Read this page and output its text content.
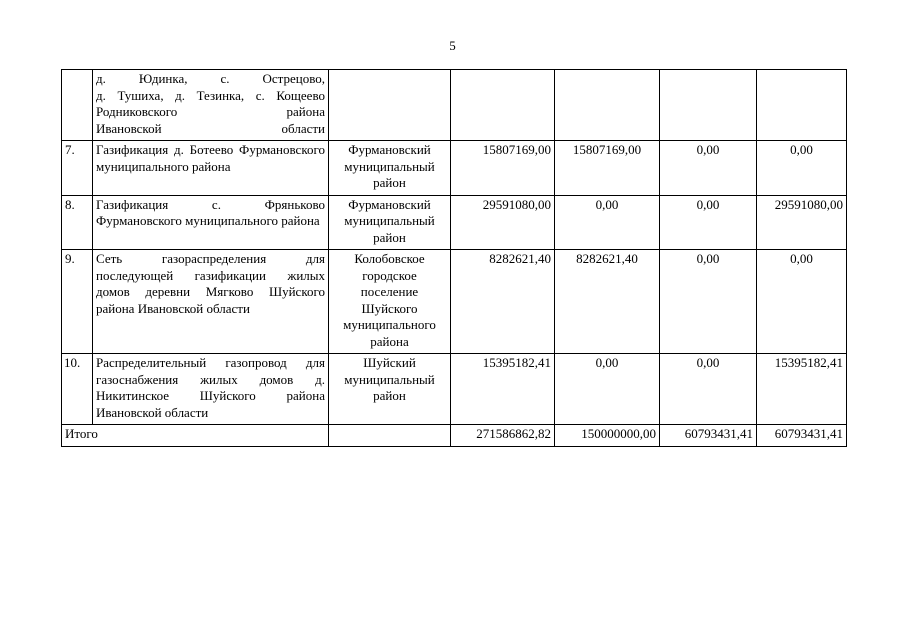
5

	д. Юдинка, с. Острецово,
д. Тушиха, д. Тезинка, с. Кощеево
Родниковского района
Ивановской области					

7.	Газификация д. Ботеево Фурмановского муниципального района	Фурмановский муниципальный район	15807169,00	15807169,00	0,00	0,00
8.	Газификация с. Фряньково Фурмановского муниципального района	Фурмановский муниципальный район	29591080,00	0,00	0,00	29591080,00
9.	Сеть газораспределения для последующей газификации жилых домов деревни Мягково Шуйского района Ивановской области	Колобовское городское поселение Шуйского муниципального района	8282621,40	8282621,40	0,00	0,00
10.	Распределительный газопровод для газоснабжения жилых домов д. Никитинское Шуйского района Ивановской области	Шуйский муниципальный район	15395182,41	0,00	0,00	15395182,41
Итого			271586862,82	150000000,00	60793431,41	60793431,41
